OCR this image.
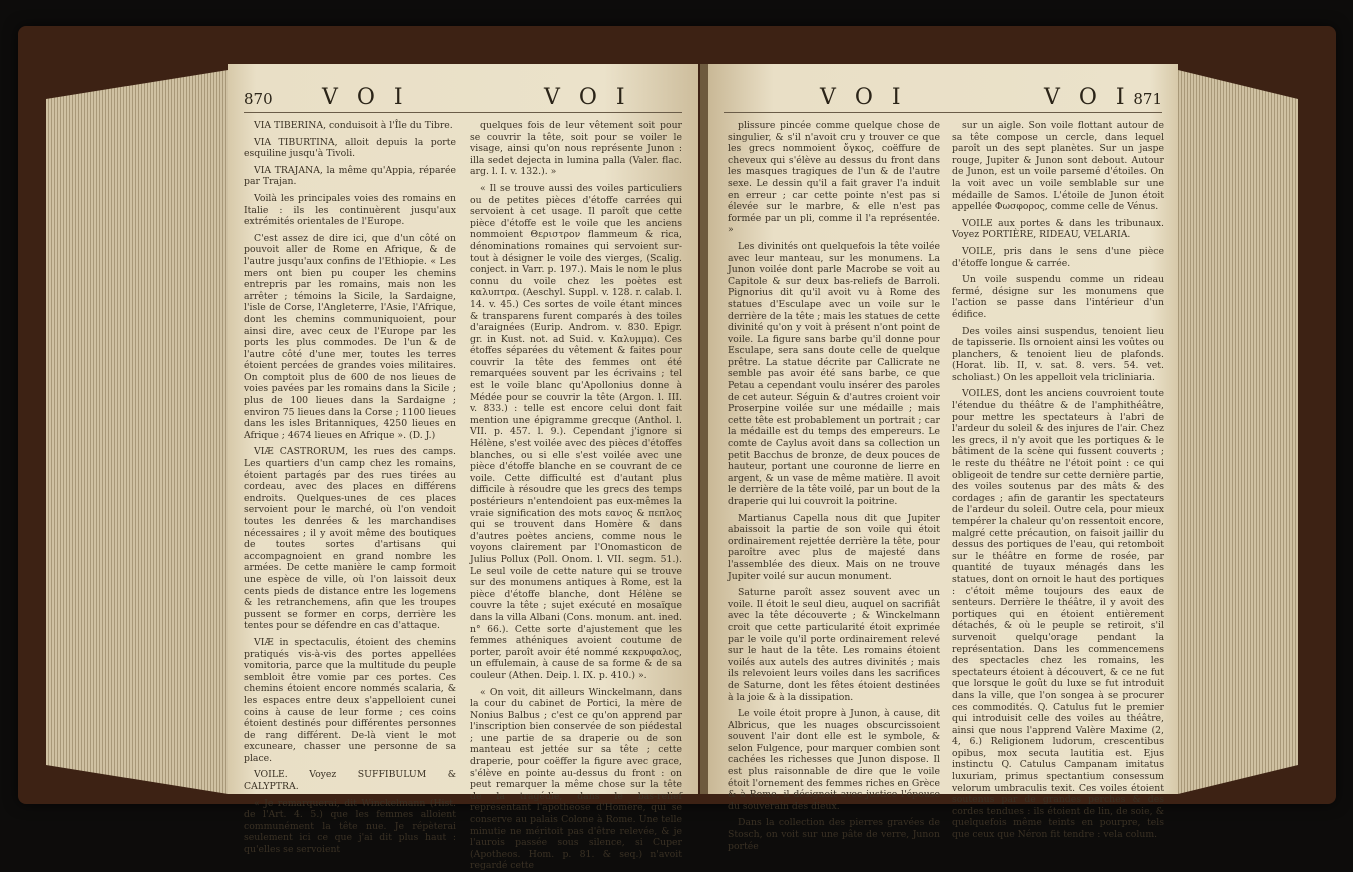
870 V O I	V O I

VIA TIBERINA, conduisoit à l'Île du Tibre.

VIA TIBURTINA, alloit depuis la porte esquiline jusqu'à Tivoli.

VIA TRAJANA, la même qu'Appia, réparée par Trajan.

Voilà les principales voies des romains en Italie : ils les continuèrent jusqu'aux extrémités orientales de l'Europe.

C'est assez de dire ici, que d'un côté on pouvoit aller de Rome en Afrique, & de l'autre jusqu'aux confins de l'Ethiopie. « Les mers ont bien pu couper les chemins entrepris par les romains, mais non les arrêter ; témoins la Sicile, la Sardaigne, l'isle de Corse, l'Angleterre, l'Asie, l'Afrique, dont les chemins communiquoient, pour ainsi dire, avec ceux de l'Europe par les ports les plus commodes. De l'un & de l'autre côté d'une mer, toutes les terres étoient percées de grandes voies militaires. On comptoit plus de 600 de nos lieues de voies pavées par les romains dans la Sicile ; plus de 100 lieues dans la Sardaigne ; environ 75 lieues dans la Corse ; 1100 lieues dans les isles Britanniques, 4250 lieues en Afrique ; 4674 lieues en Afrique ». (D. J.)

VIÆ CASTRORUM, les rues des camps. Les quartiers d'un camp chez les romains, étoient partagés par des rues tirées au cordeau, avec des places en différens endroits. Quelques-unes de ces places servoient pour le marché, où l'on vendoit toutes les denrées & les marchandises nécessaires ; il y avoit même des boutiques de toutes sortes d'artisans qui accompagnoient en grand nombre les armées. De cette manière le camp formoit une espèce de ville, où l'on laissoit deux cents pieds de distance entre les logemens & les retranchemens, afin que les troupes pussent se former en corps, derrière les tentes pour se défendre en cas d'attaque.

VIÆ in spectaculis, étoient des chemins pratiqués vis-à-vis des portes appellées vomitoria, parce que la multitude du peuple sembloit être vomie par ces portes. Ces chemins étoient encore nommés scalaria, & les espaces entre deux s'appelloient cunei coins à cause de leur forme ; ces coins étoient destinés pour différentes personnes de rang différent. De-là vient le mot excuneare, chasser une personne de sa place.

VOILE. Voyez SUFFIBULUM & CALYPTRA.

« Je remarquerai, dit Winckelmann (Hist. de l'Art. 4. 5.) que les femmes alloient communément la tête nue. Je répèterai seulement ici ce que j'ai dit plus haut : qu'elles se servoient

quelques fois de leur vêtement soit pour se couvrir la tête, soit pour se voiler le visage, ainsi qu'on nous représente Junon : illa sedet dejecta in lumina palla (Valer. flac. arg. l. I. v. 132.). »

« Il se trouve aussi des voiles particuliers ou de petites pièces d'étoffe carrées qui servoient à cet usage. Il paroît que cette pièce d'étoffe est le voile que les anciens nommoient Θεριστρον flammeum & rica, dénominations romaines qui servoient sur-tout à désigner le voile des vierges, (Scalig. conject. in Varr. p. 197.). Mais le nom le plus connu du voile chez les poètes est καλυπτρα. (Aeschyl. Suppl. v. 128. r. calab. l. 14. v. 45.) Ces sortes de voile étant minces & transparens furent comparés à des toiles d'araignées (Eurip. Androm. v. 830. Epigr. gr. in Kust. not. ad Suid. v. Καλυμμα). Ces étoffes séparées du vêtement & faites pour couvrir la tête des femmes ont été remarquées souvent par les écrivains ; tel est le voile blanc qu'Apollonius donne à Médée pour se couvrir la tête (Argon. l. III. v. 833.) : telle est encore celui dont fait mention une épigramme grecque (Anthol. l. VII. p. 457. l. 9.). Cependant j'ignore si Hélène, s'est voilée avec des pièces d'étoffes blanches, ou si elle s'est voilée avec une pièce d'étoffe blanche en se couvrant de ce voile. Cette difficulté est d'autant plus difficile à résoudre que les grecs des temps postérieurs n'entendoient pas eux-mêmes la vraie signification des mots εανος & πεπλος qui se trouvent dans Homère & dans d'autres poètes anciens, comme nous le voyons clairement par l'Onomasticon de Julius Pollux (Poll. Onom. l. VII. segm. 51.). Le seul voile de cette nature qui se trouve sur des monumens antiques à Rome, est la pièce d'étoffe blanche, dont Hélène se couvre la tête ; sujet exécuté en mosaïque dans la villa Albani (Cons. monum. ant. ined. n° 66.). Cette sorte d'ajustement que les femmes athéniques avoient coutume de porter, paroît avoir été nommé κεκρυφαλος, un effulemain, à cause de sa forme & de sa couleur (Athen. Deip. l. IX. p. 410.) ».

« On voit, dit ailleurs Winckelmann, dans la cour du cabinet de Portici, la mère de Nonius Balbus ; c'est ce qu'on apprend par l'inscription bien conservée de son piédestal ; une partie de sa draperie ou de son manteau est jettée sur sa tête ; cette draperie, pour coëffer la figure avec grace, s'élève en pointe au-dessus du front : on peut remarquer la même chose sur la tête de la tragédie, dans le bas-relief représentant l'apothéose d'Homère, qui se conserve au palais Colone à Rome. Une telle minutie ne méritoit pas d'être relevée, & je l'aurois passée sous silence, si Cuper (Apotheos. Hom. p. 81. & seq.) n'avoit regardé cette

V O I	V O I 871

plissure pincée comme quelque chose de singulier, & s'il n'avoit cru y trouver ce que les grecs nommoient ὄγκος, coëffure de cheveux qui s'élève au dessus du front dans les masques tragiques de l'un & de l'autre sexe. Le dessin qu'il a fait graver l'a induit en erreur ; car cette pointe n'est pas si élevée sur le marbre, & elle n'est pas formée par un pli, comme il l'a représentée. »

Les divinités ont quelquefois la tête voilée avec leur manteau, sur les monumens. La Junon voilée dont parle Macrobe se voit au Capitole & sur deux bas-reliefs de Barroli. Pignorius dit qu'il avoit vu à Rome des statues d'Esculape avec un voile sur le derrière de la tête ; mais les statues de cette divinité qu'on y voit à présent n'ont point de voile. La figure sans barbe qu'il donne pour Esculape, sera sans doute celle de quelque prêtre. La statue décrite par Callicrate ne semble pas avoir été sans barbe, ce que Petau a cependant voulu insérer des paroles de cet auteur. Séguin & d'autres croient voir Proserpine voilée sur une médaille ; mais cette tête est probablement un portrait ; car la médaille est du temps des empereurs. Le comte de Caylus avoit dans sa collection un petit Bacchus de bronze, de deux pouces de hauteur, portant une couronne de lierre en argent, & un vase de même matière. Il avoit le derrière de la tête voilé, par un bout de la draperie qui lui couvroit la poitrine.

Martianus Capella nous dit que Jupiter abaissoit la partie de son voile qui étoit ordinairement rejettée derrière la tête, pour paroître avec plus de majesté dans l'assemblée des dieux. Mais on ne trouve Jupiter voilé sur aucun monument.

Saturne paroît assez souvent avec un voile. Il étoit le seul dieu, auquel on sacrifiât avec la tête découverte ; & Winckelmann croit que cette particularité étoit exprimée par le voile qu'il porte ordinairement relevé sur le haut de la tête. Les romains étoient voilés aux autels des autres divinités ; mais ils relevoient leurs voiles dans les sacrifices de Saturne, dont les fêtes étoient destinées à la joie & à la dissipation.

Le voile étoit propre à Junon, à cause, dit Albricus, que les nuages obscurcissoient souvent l'air dont elle est le symbole, & selon Fulgence, pour marquer combien sont cachées les richesses que Junon dispose. Il est plus raisonnable de dire que le voile étoit l'ornement des femmes riches en Grèce & à Rome, il désignoit avec justice l'épouse du souverain des dieux.

Dans la collection des pierres gravées de Stosch, on voit sur une pâte de verre, Junon portée

sur un aigle. Son voile flottant autour de sa tête compose un cercle, dans lequel paroît un des sept planètes. Sur un jaspe rouge, Jupiter & Junon sont debout. Autour de Junon, est un voile parsemé d'étoiles. On la voit avec un voile semblable sur une médaille de Samos. L'étoile de Junon étoit appellée Φωσφορος, comme celle de Vénus.

VOILE aux portes & dans les tribunaux. Voyez PORTIÈRE, RIDEAU, VELARIA.

VOILE, pris dans le sens d'une pièce d'étoffe longue & carrée.

Un voile suspendu comme un rideau fermé, désigne sur les monumens que l'action se passe dans l'intérieur d'un édifice.

Des voiles ainsi suspendus, tenoient lieu de tapisserie. Ils ornoient ainsi les voûtes ou planchers, & tenoient lieu de plafonds. (Horat. lib. II, v. sat. 8. vers. 54. vet. scholiast.) On les appelloit vela tricliniaria.

VOILES, dont les anciens couvroient toute l'étendue du théâtre & de l'amphithéâtre, pour mettre les spectateurs à l'abri de l'ardeur du soleil & des injures de l'air. Chez les grecs, il n'y avoit que les portiques & le bâtiment de la scène qui fussent couverts ; le reste du théâtre ne l'étoit point : ce qui obligeoit de tendre sur cette dernière partie, des voiles soutenus par des mâts & des cordages ; afin de garantir les spectateurs de l'ardeur du soleil. Outre cela, pour mieux tempérer la chaleur qu'on ressentoit encore, malgré cette précaution, on faisoit jaillir du dessus des portiques de l'eau, qui retomboit sur le théâtre en forme de rosée, par quantité de tuyaux ménagés dans les statues, dont on ornoit le haut des portiques : c'étoit même toujours des eaux de senteurs. Derrière le théâtre, il y avoit des portiques qui en étoient entièrement détachés, & où le peuple se retiroit, s'il survenoit quelqu'orage pendant la représentation. Dans les commencemens des spectacles chez les romains, les spectateurs étoient à découvert, & ce ne fut que lorsque le goût du luxe se fut introduit dans la ville, que l'on songea à se procurer ces commodités. Q. Catulus fut le premier qui introduisit celle des voiles au théâtre, ainsi que nous l'apprend Valère Maxime (2, 4, 6.) Religionem ludorum, crescentibus opibus, mox secuta lautitia est. Ejus instinctu Q. Catulus Campanam imitatus luxuriam, primus spectantium consessum velorum umbraculis texit. Ces voiles étoient soutenus par de grandes perches & des cordes tendues : ils étoient de lin, de soie, & quelquefois même teints en pourpre, tels que ceux que Néron fit tendre : vela colum.
